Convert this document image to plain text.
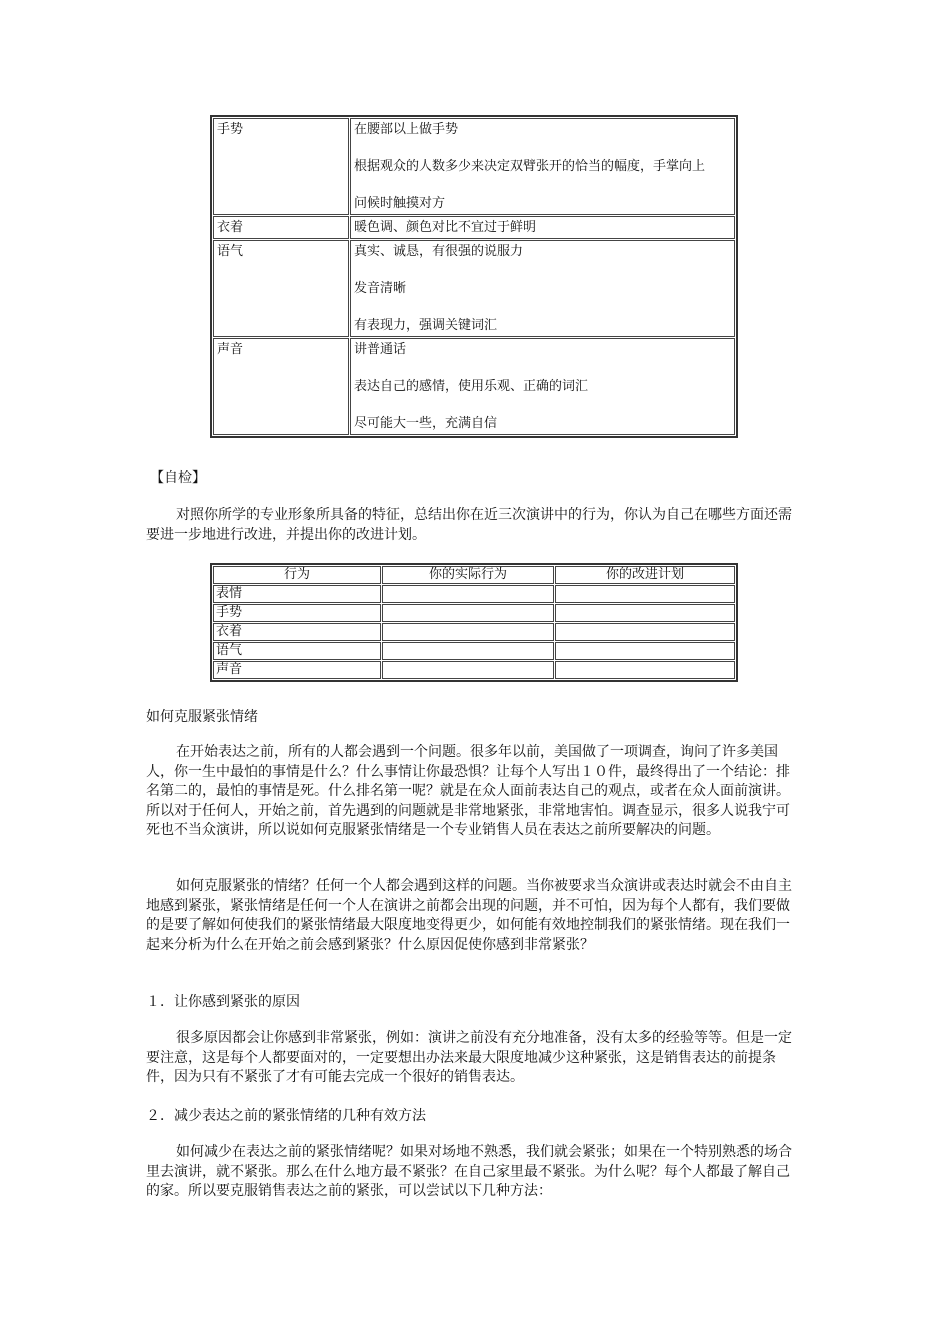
手势	在腰部以上做手势
根据观众的人数多少来决定双臂张开的恰当的幅度，手掌向上
问候时触摸对方

衣着	暖色调、颜色对比不宜过于鲜明

语气	真实、诚恳，有很强的说服力
发音清晰
有表现力，强调关键词汇

声音	讲普通话
表达自己的感情，使用乐观、正确的词汇
尽可能大一些，充满自信
【自检】

对照你所学的专业形象所具备的特征，总结出你在近三次演讲中的行为，你认为自己在哪些方面还需要进一步地进行改进，并提出你的改进计划。

行为	你的实际行为	你的改进计划
表情		
手势		
衣着		
语气		
声音		
如何克服紧张情绪

在开始表达之前，所有的人都会遇到一个问题。很多年以前，美国做了一项调查，询问了许多美国人，你一生中最怕的事情是什么？什么事情让你最恐惧？让每个人写出１０件，最终得出了一个结论：排名第二的，最怕的事情是死。什么排名第一呢？就是在众人面前表达自己的观点，或者在众人面前演讲。所以对于任何人，开始之前，首先遇到的问题就是非常地紧张，非常地害怕。调查显示，很多人说我宁可死也不当众演讲，所以说如何克服紧张情绪是一个专业销售人员在表达之前所要解决的问题。

如何克服紧张的情绪？任何一个人都会遇到这样的问题。当你被要求当众演讲或表达时就会不由自主地感到紧张，紧张情绪是任何一个人在演讲之前都会出现的问题，并不可怕，因为每个人都有，我们要做的是要了解如何使我们的紧张情绪最大限度地变得更少，如何能有效地控制我们的紧张情绪。现在我们一起来分析为什么在开始之前会感到紧张？什么原因促使你感到非常紧张？

１．让你感到紧张的原因

很多原因都会让你感到非常紧张，例如：演讲之前没有充分地准备，没有太多的经验等等。但是一定要注意，这是每个人都要面对的，一定要想出办法来最大限度地减少这种紧张，这是销售表达的前提条件，因为只有不紧张了才有可能去完成一个很好的销售表达。

２．减少表达之前的紧张情绪的几种有效方法

如何减少在表达之前的紧张情绪呢？如果对场地不熟悉，我们就会紧张；如果在一个特别熟悉的场合里去演讲，就不紧张。那么在什么地方最不紧张？在自己家里最不紧张。为什么呢？每个人都最了解自己的家。所以要克服销售表达之前的紧张，可以尝试以下几种方法：
